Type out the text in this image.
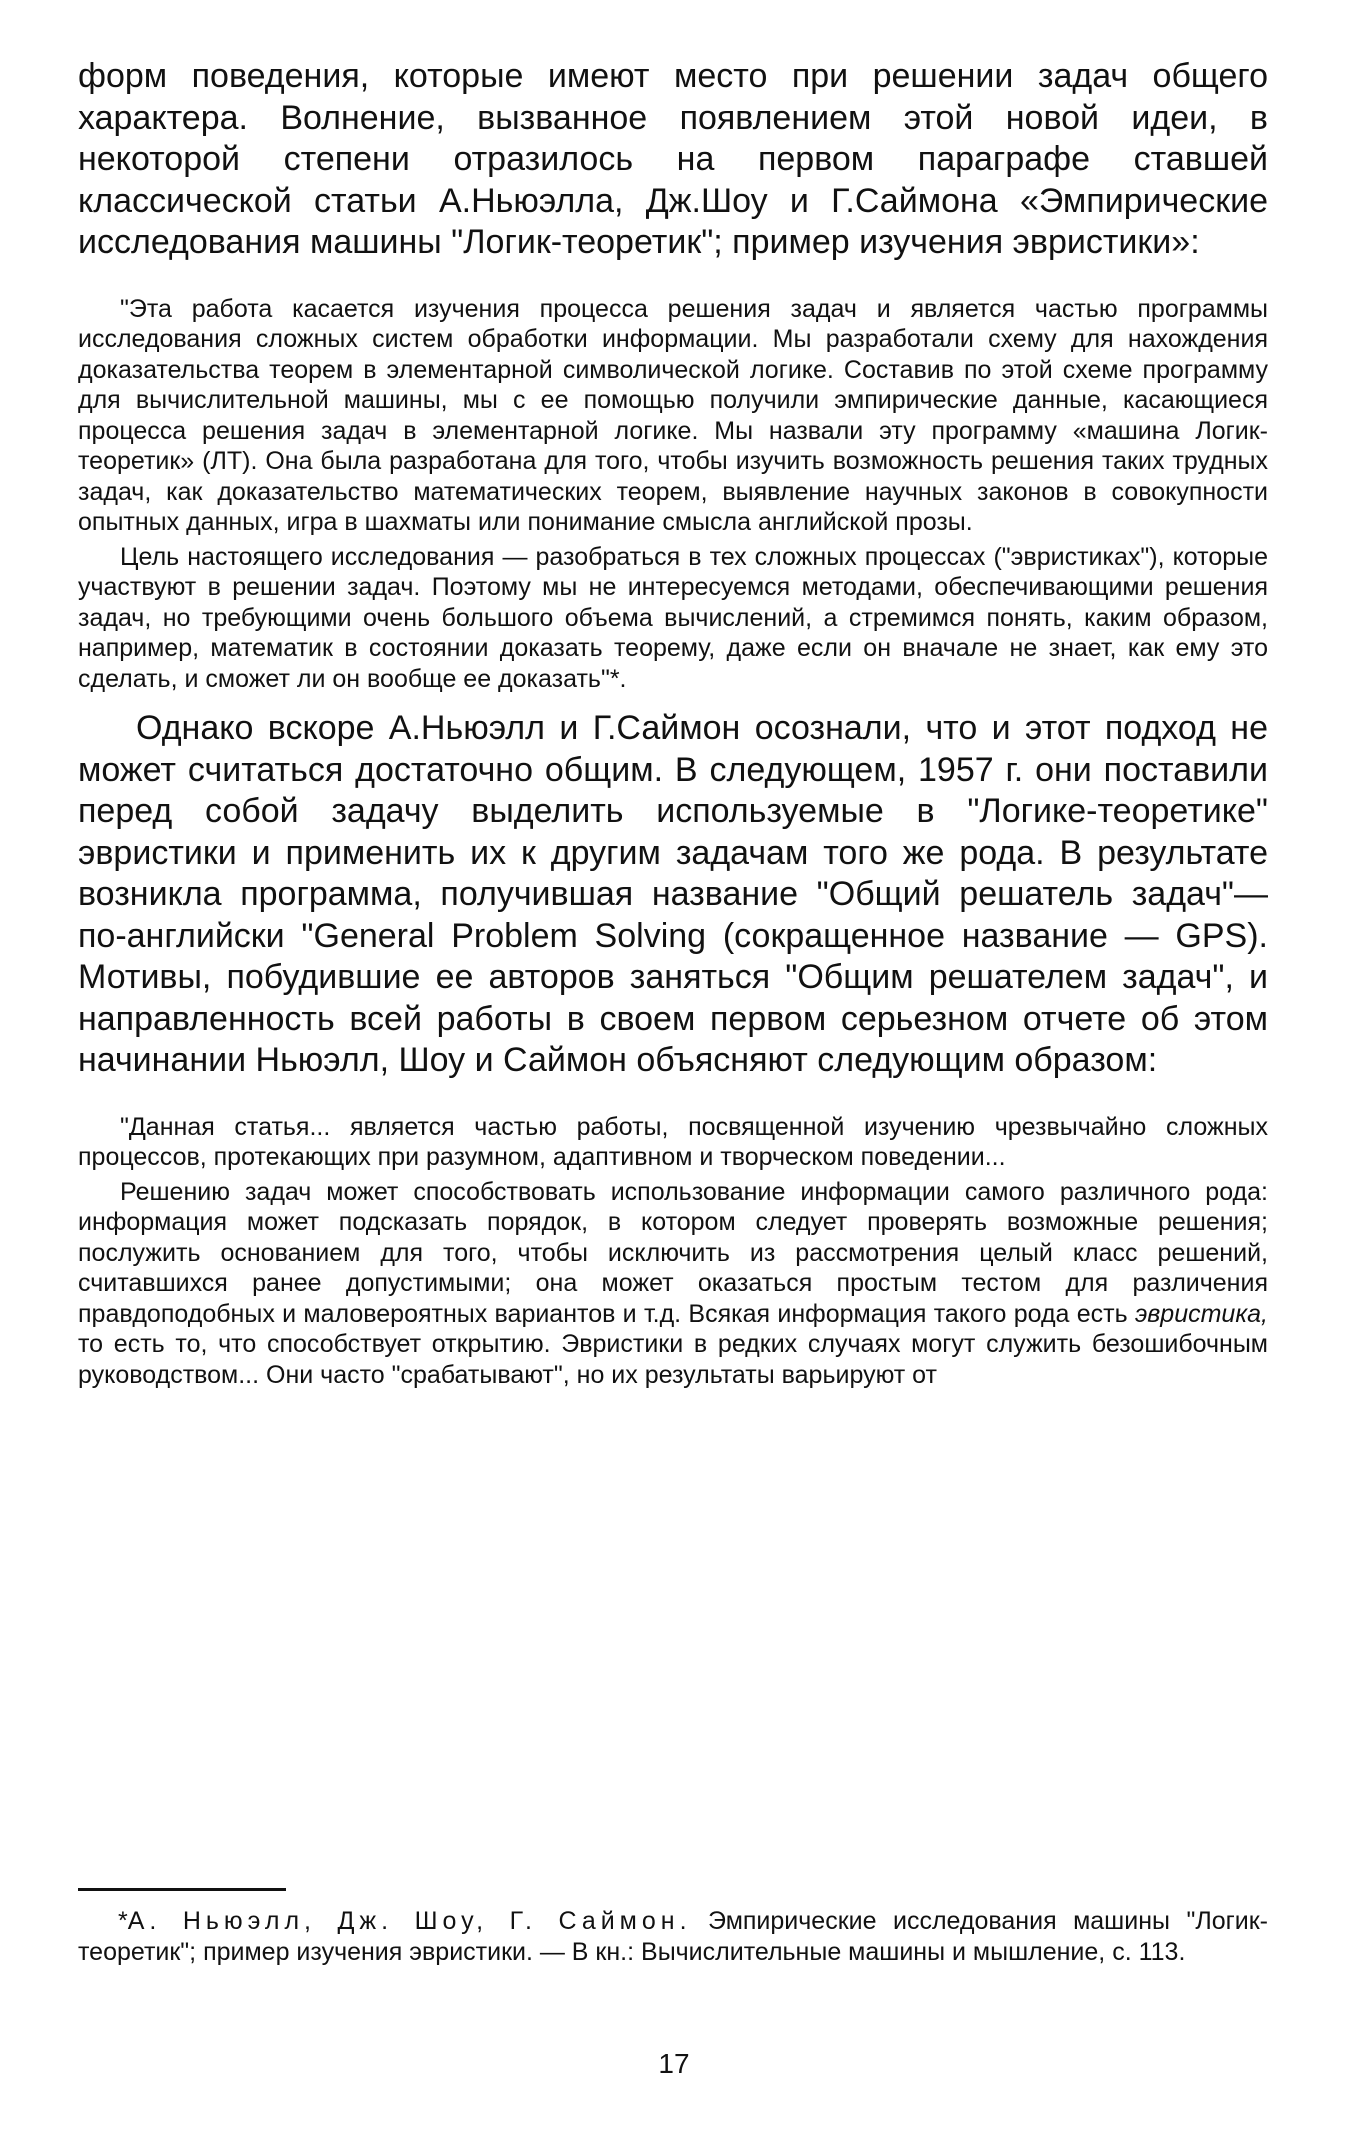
форм поведения, которые имеют место при решении задач общего характера. Волнение, вызванное появлением этой новой идеи, в некоторой степени отразилось на первом параграфе ставшей классической статьи А.Ньюэлла, Дж.Шоу и Г.Саймона «Эмпирические исследования машины "Логик-теоретик"; пример изучения эвристики»:

"Эта работа касается изучения процесса решения задач и является частью программы исследования сложных систем обработки информации. Мы разработали схему для нахождения доказательства теорем в элементарной символической логике. Составив по этой схеме программу для вычислительной машины, мы с ее помощью получили эмпирические данные, касающиеся процесса решения задач в элементарной логике. Мы назвали эту программу «машина Логик-теоретик» (ЛТ). Она была разработана для того, чтобы изучить возможность решения таких трудных задач, как доказательство математических теорем, выявление научных законов в совокупности опытных данных, игра в шахматы или понимание смысла английской прозы.

Цель настоящего исследования — разобраться в тех сложных процессах ("эвристиках"), которые участвуют в решении задач. Поэтому мы не интересуемся методами, обеспечивающими решения задач, но требующими очень большого объема вычислений, а стремимся понять, каким образом, например, математик в состоянии доказать теорему, даже если он вначале не знает, как ему это сделать, и сможет ли он вообще ее доказать"*.

Однако вскоре А.Ньюэлл и Г.Саймон осознали, что и этот подход не может считаться достаточно общим. В следующем, 1957 г. они поставили перед собой задачу выделить используемые в "Логике-теоретике" эвристики и применить их к другим задачам того же рода. В результате возникла программа, получившая название "Общий решатель задач"— по-английски "General Problem Solving (сокращенное название — GPS). Мотивы, побудившие ее авторов заняться "Общим решателем задач", и направленность всей работы в своем первом серьезном отчете об этом начинании Ньюэлл, Шоу и Саймон объясняют следующим образом:

"Данная статья... является частью работы, посвященной изучению чрезвычайно сложных процессов, протекающих при разумном, адаптивном и творческом поведении...

Решению задач может способствовать использование информации самого различного рода: информация может подсказать порядок, в котором следует проверять возможные решения; послужить основанием для того, чтобы исключить из рассмотрения целый класс решений, считавшихся ранее допустимыми; она может оказаться простым тестом для различения правдоподобных и маловероятных вариантов и т.д. Всякая информация такого рода есть эвристика, то есть то, что способствует открытию. Эвристики в редких случаях могут служить безошибочным руководством... Они часто "срабатывают", но их результаты варьируют от

*А. Ньюэлл, Дж. Шоу, Г. Саймон. Эмпирические исследования машины "Логик-теоретик"; пример изучения эвристики. — В кн.: Вычислительные машины и мышление, с. 113.

17
